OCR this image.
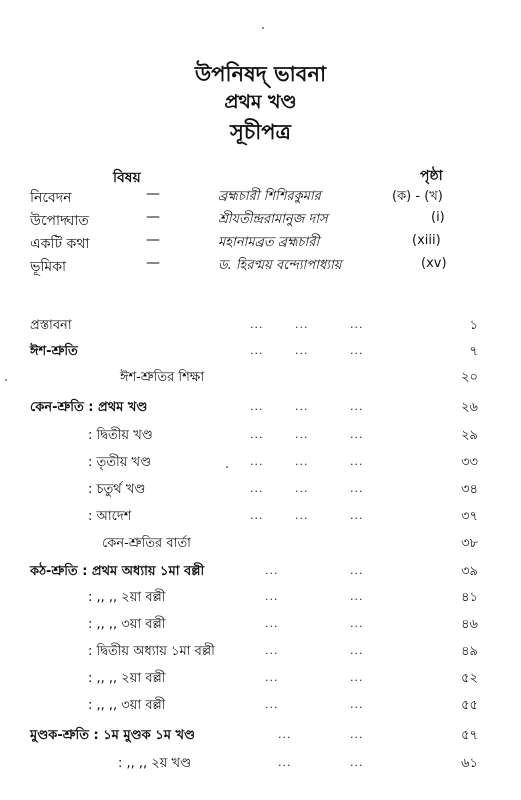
উপনিষদ্ ভাবনা
প্রথম খণ্ড
সূচীপত্র
বিষয়	পৃষ্ঠা
নিবেদন	—	ব্রহ্মচারী শিশিরকুমার	(ক) - (খ)
উপোদ্ঘাত	—	শ্রীযতীন্দ্ররামানুজ দাস	(i)
একটি কথা	—	মহানামব্রত ব্রহ্মচারী	(xiii)
ভূমিকা	—	ড. হিরণ্ময় বন্দ্যোপাধ্যায়	(xv)
প্রস্তাবনা	...	...	...	১
ঈশ-শ্রুতি	...	...	...	৭
ঈশ-শ্রুতির শিক্ষা	২০
কেন-শ্রুতি : প্রথম খণ্ড	...	...	...	২৬
: দ্বিতীয় খণ্ড	...	...	...	২৯
: তৃতীয় খণ্ড	...	...	...	৩৩
: চতুর্থ খণ্ড	...	...	...	৩৪
: আদেশ	...	...	...	৩৭
কেন-শ্রুতির বার্তা	৩৮
কঠ-শ্রুতি : প্রথম অধ্যায় ১মা বল্লী	...	...	৩৯
: ,, ,, ২য়া বল্লী	...	...	৪১
: ,, ,, ৩য়া বল্লী	...	...	৪৬
: দ্বিতীয় অধ্যায় ১মা বল্লী	...	...	৪৯
: ,, ,, ২য়া বল্লী	...	...	৫২
: ,, ,, ৩য়া বল্লী	...	...	৫৫
মুণ্ডক-শ্রুতি : ১ম মুণ্ডক ১ম খণ্ড	...	...	৫৭
: ,, ,, ২য় খণ্ড	...	...	৬১
